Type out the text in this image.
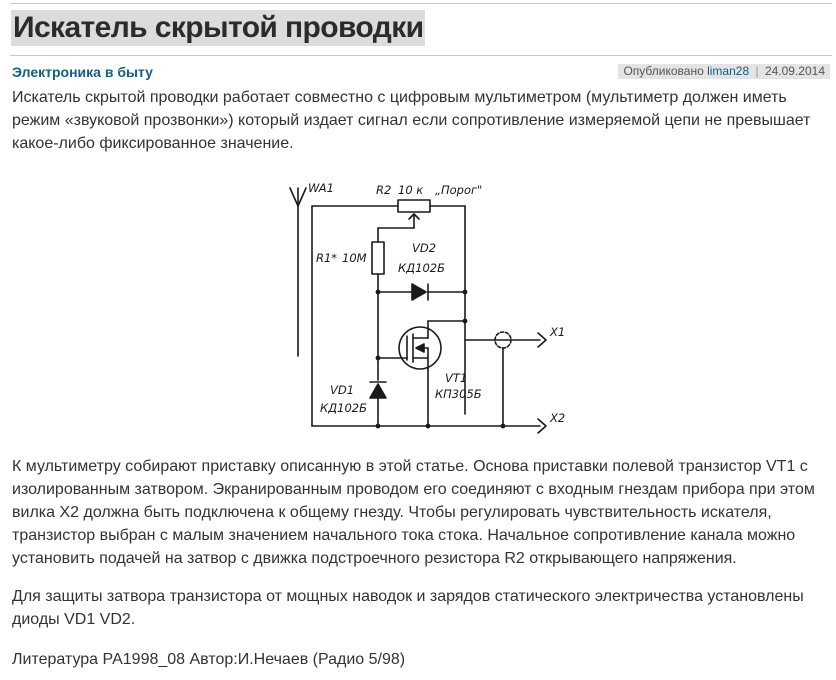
Искатель скрытой проводки
Электроника в быту	Опубликовано liman28 | 24.09.2014

Искатель скрытой проводки работает совместно с цифровым мультиметром (мультиметр должен иметь режим «звуковой прозвонки») который издает сигнал если сопротивление измеряемой цепи не превышает какое-либо фиксированное значение.

WA1	R2 10 к „Порог"
R1* 10М
VD2
КД102Б
VT1
КП305Б
VD1
КД102Б
X1
X2

К мультиметру собирают приставку описанную в этой статье. Основа приставки полевой транзистор VT1 с изолированным затвором. Экранированным проводом его соединяют с входным гнездам прибора при этом вилка X2 должна быть подключена к общему гнезду. Чтобы регулировать чувствительность искателя, транзистор выбран с малым значением начального тока стока. Начальное сопротивление канала можно установить подачей на затвор с движка подстроечного резистора R2 открывающего напряжения.

Для защиты затвора транзистора от мощных наводок и зарядов статического электричества установлены диоды VD1 VD2.

Литература РА1998_08 Автор:И.Нечаев (Радио 5/98)
